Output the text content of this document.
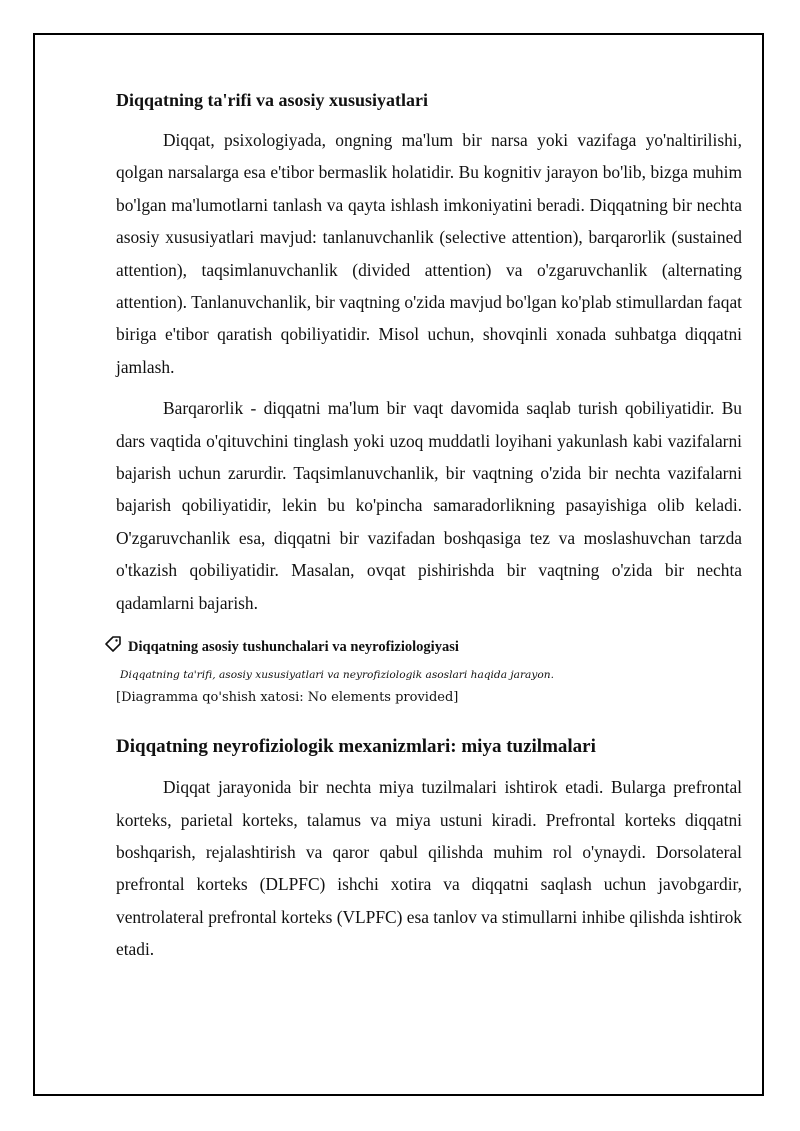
Diqqatning ta'rifi va asosiy xususiyatlari

Diqqat, psixologiyada, ongning ma'lum bir narsa yoki vazifaga yo'naltirilishi, qolgan narsalarga esa e'tibor bermaslik holatidir. Bu kognitiv jarayon bo'lib, bizga muhim bo'lgan ma'lumotlarni tanlash va qayta ishlash imkoniyatini beradi. Diqqatning bir nechta asosiy xususiyatlari mavjud: tanlanuvchanlik (selective attention), barqarorlik (sustained attention), taqsimlanuvchanlik (divided attention) va o'zgaruvchanlik (alternating attention). Tanlanuvchanlik, bir vaqtning o'zida mavjud bo'lgan ko'plab stimullardan faqat biriga e'tibor qaratish qobiliyatidir. Misol uchun, shovqinli xonada suhbatga diqqatni jamlash.

Barqarorlik - diqqatni ma'lum bir vaqt davomida saqlab turish qobiliyatidir. Bu dars vaqtida o'qituvchini tinglash yoki uzoq muddatli loyihani yakunlash kabi vazifalarni bajarish uchun zarurdir. Taqsimlanuvchanlik, bir vaqtning o'zida bir nechta vazifalarni bajarish qobiliyatidir, lekin bu ko'pincha samaradorlikning pasayishiga olib keladi. O'zgaruvchanlik esa, diqqatni bir vazifadan boshqasiga tez va moslashuvchan tarzda o'tkazish qobiliyatidir. Masalan, ovqat pishirishda bir vaqtning o'zida bir nechta qadamlarni bajarish.

Diqqatning asosiy tushunchalari va neyrofiziologiyasi
Diqqatning ta'rifi, asosiy xususiyatlari va neyrofiziologik asoslari haqida jarayon.
[Diagramma qo'shish xatosi: No elements provided]
Diqqatning neyrofiziologik mexanizmlari: miya tuzilmalari

Diqqat jarayonida bir nechta miya tuzilmalari ishtirok etadi. Bularga prefrontal korteks, parietal korteks, talamus va miya ustuni kiradi. Prefrontal korteks diqqatni boshqarish, rejalashtirish va qaror qabul qilishda muhim rol o'ynaydi. Dorsolateral prefrontal korteks (DLPFC) ishchi xotira va diqqatni saqlash uchun javobgardir, ventrolateral prefrontal korteks (VLPFC) esa tanlov va stimullarni inhibe qilishda ishtirok etadi.
